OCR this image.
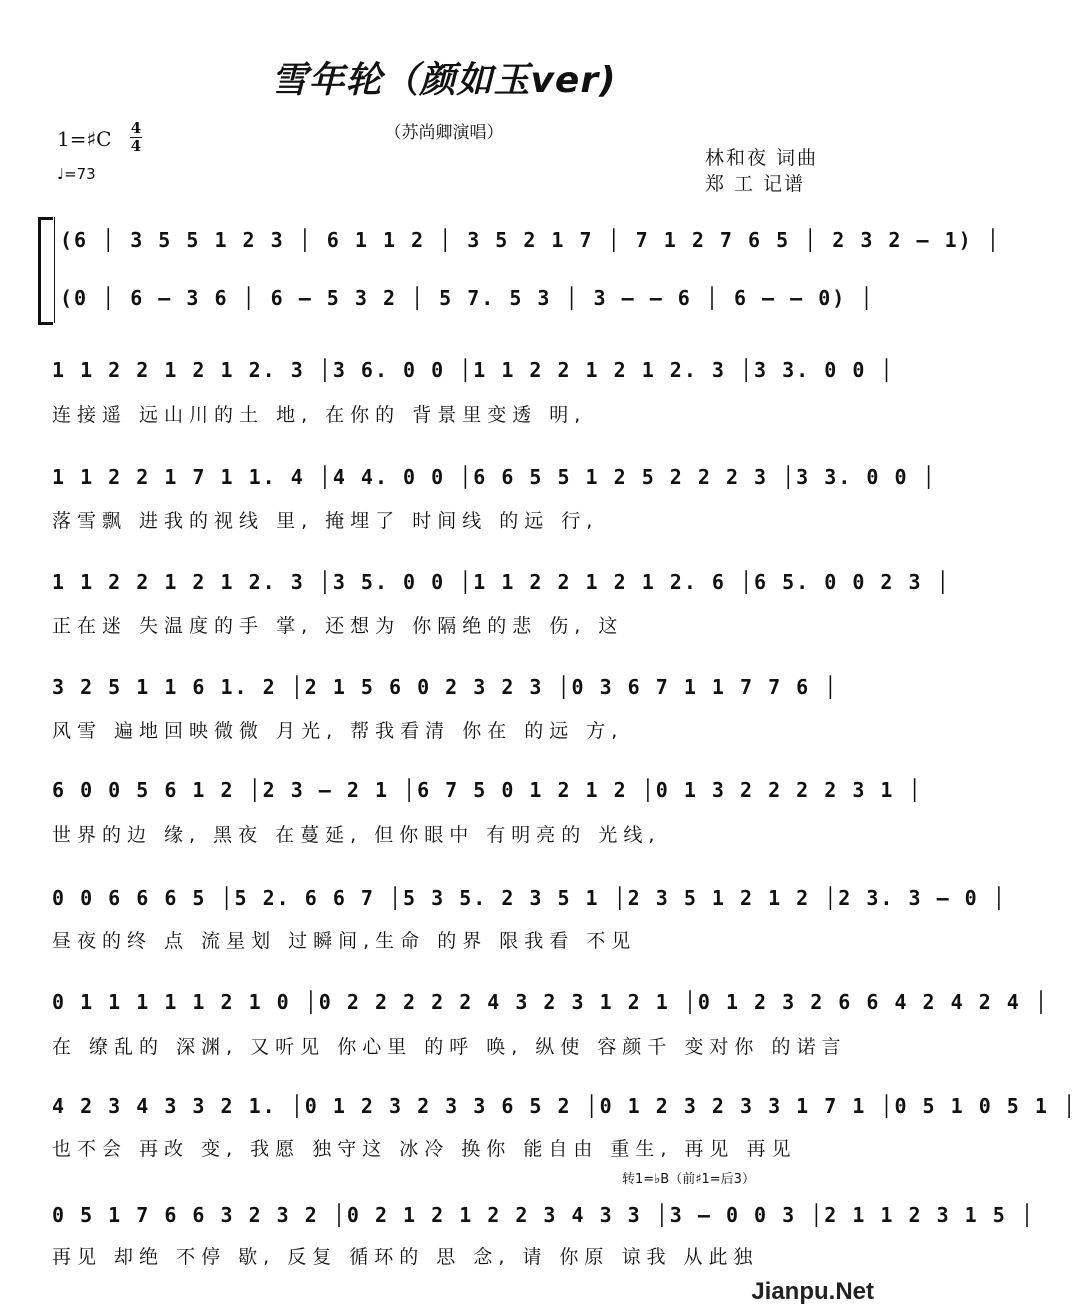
雪年轮（颜如玉ver)
（苏尚卿演唱）
1=♯C 4
4
♩=73
林和夜 词曲
郑 工 记谱
(6 │ 3 5 5 1 2 3 │ 6 1 1 2 │ 3 5 2 1 7 │ 7 1 2 7 6 5 │ 2 3 2 – 1) │
(0 │ 6 – 3 6 │ 6 – 5 3 2 │ 5 7. 5 3 │ 3 – – 6 │ 6 – – 0) │
1 1 2 2 1 2 1 2. 3 │3 6. 0 0 │1 1 2 2 1 2 1 2. 3 │3 3. 0 0 │
连接遥 远山川的土 地, 在你的 背景里变透 明,
1 1 2 2 1 7 1 1. 4 │4 4. 0 0 │6 6 5 5 1 2 5 2 2 2 3 │3 3. 0 0 │
落雪飘 进我的视线 里, 掩埋了 时间线 的远 行,
1 1 2 2 1 2 1 2. 3 │3 5. 0 0 │1 1 2 2 1 2 1 2. 6 │6 5. 0 0 2 3 │
正在迷 失温度的手 掌, 还想为 你隔绝的悲 伤, 这
3 2 5 1 1 6 1. 2 │2 1 5 6 0 2 3 2 3 │0 3 6 7 1 1 7 7 6 │
风雪 遍地回映微微 月光, 帮我看清 你在 的远 方,
6 0 0 5 6 1 2 │2 3 – 2 1 │6 7 5 0 1 2 1 2 │0 1 3 2 2 2 2 3 1 │
世界的边 缘, 黑夜 在蔓延, 但你眼中 有明亮的 光线,
0 0 6 6 6 5 │5 2. 6 6 7 │5 3 5. 2 3 5 1 │2 3 5 1 2 1 2 │2 3. 3 – 0 │
昼夜的终 点 流星划 过瞬间,生命 的界 限我看 不见
0 1 1 1 1 1 2 1 0 │0 2 2 2 2 2 4 3 2 3 1 2 1 │0 1 2 3 2 6 6 4 2 4 2 4 │
在 缭乱的 深渊, 又听见 你心里 的呼 唤, 纵使 容颜千 变对你 的诺言
4 2 3 4 3 3 2 1. │0 1 2 3 2 3 3 6 5 2 │0 1 2 3 2 3 3 1 7 1 │0 5 1 0 5 1 │
也不会 再改 变, 我愿 独守这 冰冷 换你 能自由 重生, 再见 再见
转1=♭B（前♯1=后3）
0 5 1 7 6 6 3 2 3 2 │0 2 1 2 1 2 2 3 4 3 3 │3 – 0 0 3 │2 1 1 2 3 1 5 │
再见 却绝 不停 歇, 反复 循环的 思 念, 请 你原 谅我 从此独
Jianpu.Net
